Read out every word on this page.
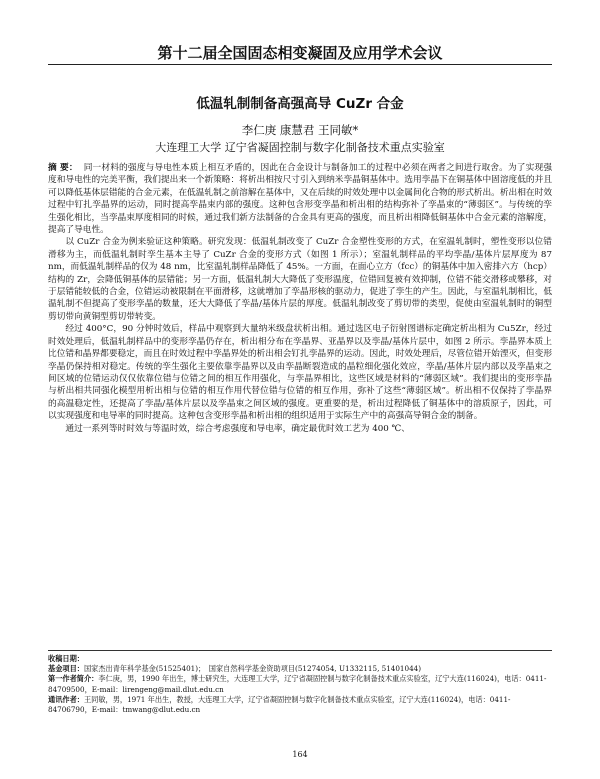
第十二届全国固态相变凝固及应用学术会议
低温轧制制备高强高导 CuZr 合金
李仁庚 康慧君 王同敏*
大连理工大学 辽宁省凝固控制与数字化制备技术重点实验室

摘 要： 同一材料的强度与导电性本质上相互矛盾的，因此在合金设计与制备加工的过程中必须在两者之间进行取舍。为了实现强度和导电性的完美平衡，我们提出来一个新策略：将析出相按尺寸引入到纳米孪晶铜基体中。选用孪晶下在铜基体中固溶度低的并且可以降低基体层错能的合金元素，在低温轧制之前溶解在基体中，又在后续的时效处理中以金属间化合物的形式析出。析出相在时效过程中钉扎孪晶界的运动，同时提高孪晶束内部的强度。这种包含形变孪晶和析出相的结构弥补了孪晶束的“薄弱区”。与传统的孪生强化相比，当孪晶束厚度相同的时候，通过我们新方法制备的合金具有更高的强度，而且析出相降低铜基体中合金元素的溶解度，提高了导电性。

以 CuZr 合金为例来验证这种策略。研究发现：低温轧制改变了 CuZr 合金塑性变形的方式，在室温轧制时，塑性变形以位错滑移为主，而低温轧制时孪生基本主导了 CuZr 合金的变形方式（如图 1 所示）；室温轧制样品的平均孪晶/基体片层厚度为 87 nm，而低温轧制样品的仅为 48 nm，比室温轧制样品降低了 45%。一方面，在面心立方（fcc）的铜基体中加入密排六方（hcp）结构的 Zr，会降低铜基体的层错能；另一方面，低温轧制大大降低了变形温度，位错回复被有效抑制，位错不能交滑移或攀移，对于层错能较低的合金，位错运动被限制在平面滑移，这就增加了孪晶形核的驱动力，促进了孪生的产生。因此，与室温轧制相比，低温轧制不但提高了变形孪晶的数量，还大大降低了孪晶/基体片层的厚度。低温轧制改变了剪切带的类型，促使由室温轧制时的铜型剪切带向黄铜型剪切带转变。

经过 400°C，90 分钟时效后，样品中观察到大量纳米级盘状析出相。通过选区电子衍射图谱标定确定析出相为 Cu5Zr，经过时效处理后，低温轧制样品中的变形孪晶仍存在，析出相分布在孪晶界、亚晶界以及孪晶/基体片层中，如图 2 所示。孪晶界本质上比位错和晶界都要稳定，而且在时效过程中孪晶界处的析出相会钉扎孪晶界的运动。因此，时效处理后，尽管位错开始湮灭，但变形孪晶仍保持相对稳定。传统的孪生强化主要依靠孪晶界以及由孪晶断裂造成的晶粒细化强化效应，孪晶/基体片层内部以及孪晶束之间区域的位错运动仅仅依靠位错与位错之间的相互作用强化，与孪晶界相比，这些区域是材料的“薄弱区域”。我们提出的变形孪晶与析出相共同强化模型用析出相与位错的相互作用代替位错与位错的相互作用，弥补了这些“薄弱区域”。析出相不仅保持了孪晶界的高温稳定性，还提高了孪晶/基体片层以及孪晶束之间区域的强度。更重要的是，析出过程降低了铜基体中的溶质原子，因此，可以实现强度和电导率的同时提高。这种包含变形孪晶和析出相的组织适用于实际生产中的高强高导铜合金的制备。

通过一系列等时时效与等温时效，综合考虑强度和导电率，确定最优时效工艺为 400 ℃、

收稿日期：

基金项目：国家杰出青年科学基金(51525401)；　国家自然科学基金资助项目(51274054, U1332115, 51401044)

第一作者简介：李仁庚，男，1990 年出生，博士研究生，大连理工大学，辽宁省凝固控制与数字化制备技术重点实验室，辽宁大连(116024)，电话：0411-84709500，E-mail：lirengeng@mail.dlut.edu.cn

通讯作者：王同敏，男，1971 年出生，教授，大连理工大学，辽宁省凝固控制与数字化制备技术重点实验室，辽宁大连(116024)，电话：0411-84706790，E-mail：tmwang@dlut.edu.cn

164
